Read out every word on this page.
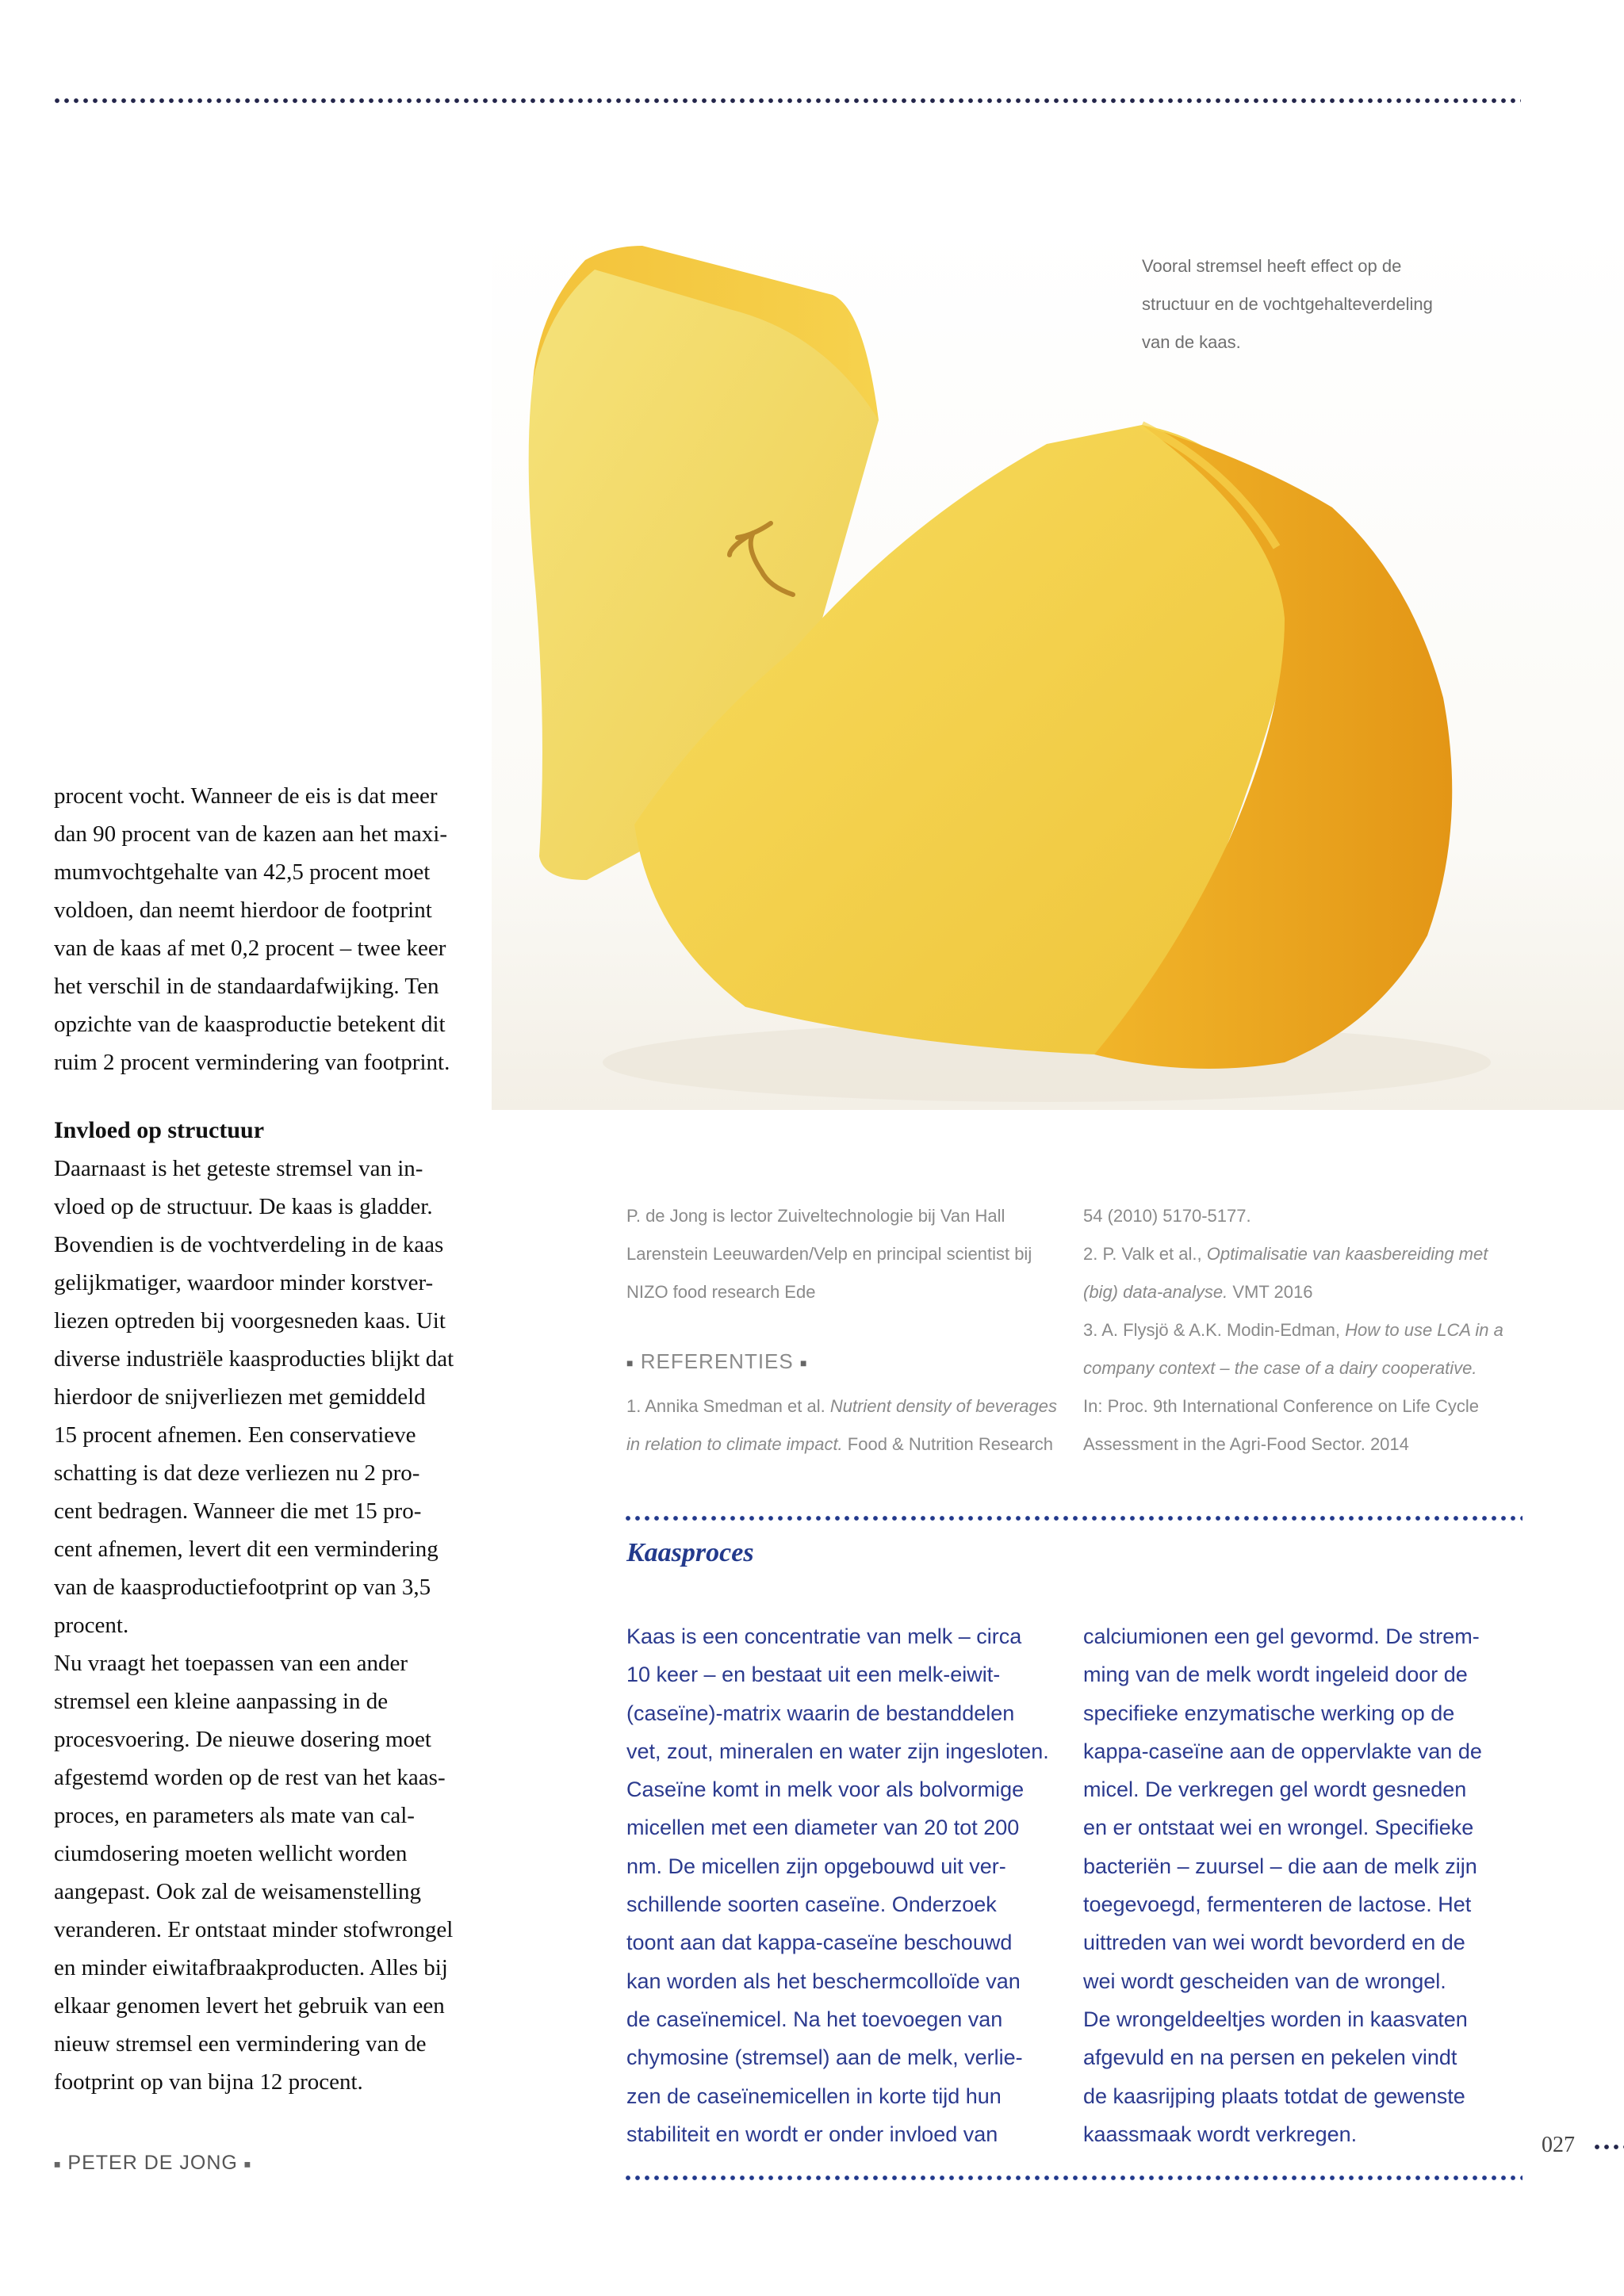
Vooral stremsel heeft effect op de
structuur en de vochtgehalteverdeling
van de kaas.
procent vocht. Wanneer de eis is dat meer
dan 90 procent van de kazen aan het maxi-
mumvochtgehalte van 42,5 procent moet
voldoen, dan neemt hierdoor de footprint
van de kaas af met 0,2 procent – twee keer
het verschil in de standaardafwijking. Ten
opzichte van de kaasproductie betekent dit
ruim 2 procent vermindering van footprint.
Invloed op structuur
Daarnaast is het geteste stremsel van in-
vloed op de structuur. De kaas is gladder.
Bovendien is de vochtverdeling in de kaas
gelijkmatiger, waardoor minder korstver-
liezen optreden bij voorgesneden kaas. Uit
diverse industriële kaasproducties blijkt dat
hierdoor de snijverliezen met gemiddeld
15 procent afnemen. Een conservatieve
schatting is dat deze verliezen nu 2 pro-
cent bedragen. Wanneer die met 15 pro-
cent afnemen, levert dit een vermindering
van de kaasproductiefootprint op van 3,5
procent.
Nu vraagt het toepassen van een ander
stremsel een kleine aanpassing in de
procesvoering. De nieuwe dosering moet
afgestemd worden op de rest van het kaas-
proces, en parameters als mate van cal-
ciumdosering moeten wellicht worden
aangepast. Ook zal de weisamenstelling
veranderen. Er ontstaat minder stofwrongel
en minder eiwitafbraakproducten. Alles bij
elkaar genomen levert het gebruik van een
nieuw stremsel een vermindering van de
footprint op van bijna 12 procent.
■ PETER DE JONG ■
P. de Jong is lector Zuiveltechnologie bij Van Hall
Larenstein Leeuwarden/Velp en principal scientist bij
NIZO food research Ede
■ REFERENTIES ■
1. Annika Smedman et al. Nutrient density of beverages
in relation to climate impact. Food & Nutrition Research
54 (2010) 5170-5177.
2. P. Valk et al., Optimalisatie van kaasbereiding met
(big) data-analyse. VMT 2016
3. A. Flysjö & A.K. Modin-Edman, How to use LCA in a
company context – the case of a dairy cooperative.
In: Proc. 9th International Conference on Life Cycle
Assessment in the Agri-Food Sector. 2014
Kaasproces
Kaas is een concentratie van melk – circa
10 keer – en bestaat uit een melk-eiwit-
(caseïne)-matrix waarin de bestanddelen
vet, zout, mineralen en water zijn ingesloten.
Caseïne komt in melk voor als bolvormige
micellen met een diameter van 20 tot 200
nm. De micellen zijn opgebouwd uit ver-
schillende soorten caseïne. Onderzoek
toont aan dat kappa-caseïne beschouwd
kan worden als het beschermcolloïde van
de caseïnemicel. Na het toevoegen van
chymosine (stremsel) aan de melk, verlie-
zen de caseïnemicellen in korte tijd hun
stabiliteit en wordt er onder invloed van
calciumionen een gel gevormd. De strem-
ming van de melk wordt ingeleid door de
specifieke enzymatische werking op de
kappa-caseïne aan de oppervlakte van de
micel. De verkregen gel wordt gesneden
en er ontstaat wei en wrongel. Specifieke
bacteriën – zuursel – die aan de melk zijn
toegevoegd, fermenteren de lactose. Het
uittreden van wei wordt bevorderd en de
wei wordt gescheiden van de wrongel.
De wrongeldeeltjes worden in kaasvaten
afgevuld en na persen en pekelen vindt
de kaasrijping plaats totdat de gewenste
kaassmaak wordt verkregen.	027
